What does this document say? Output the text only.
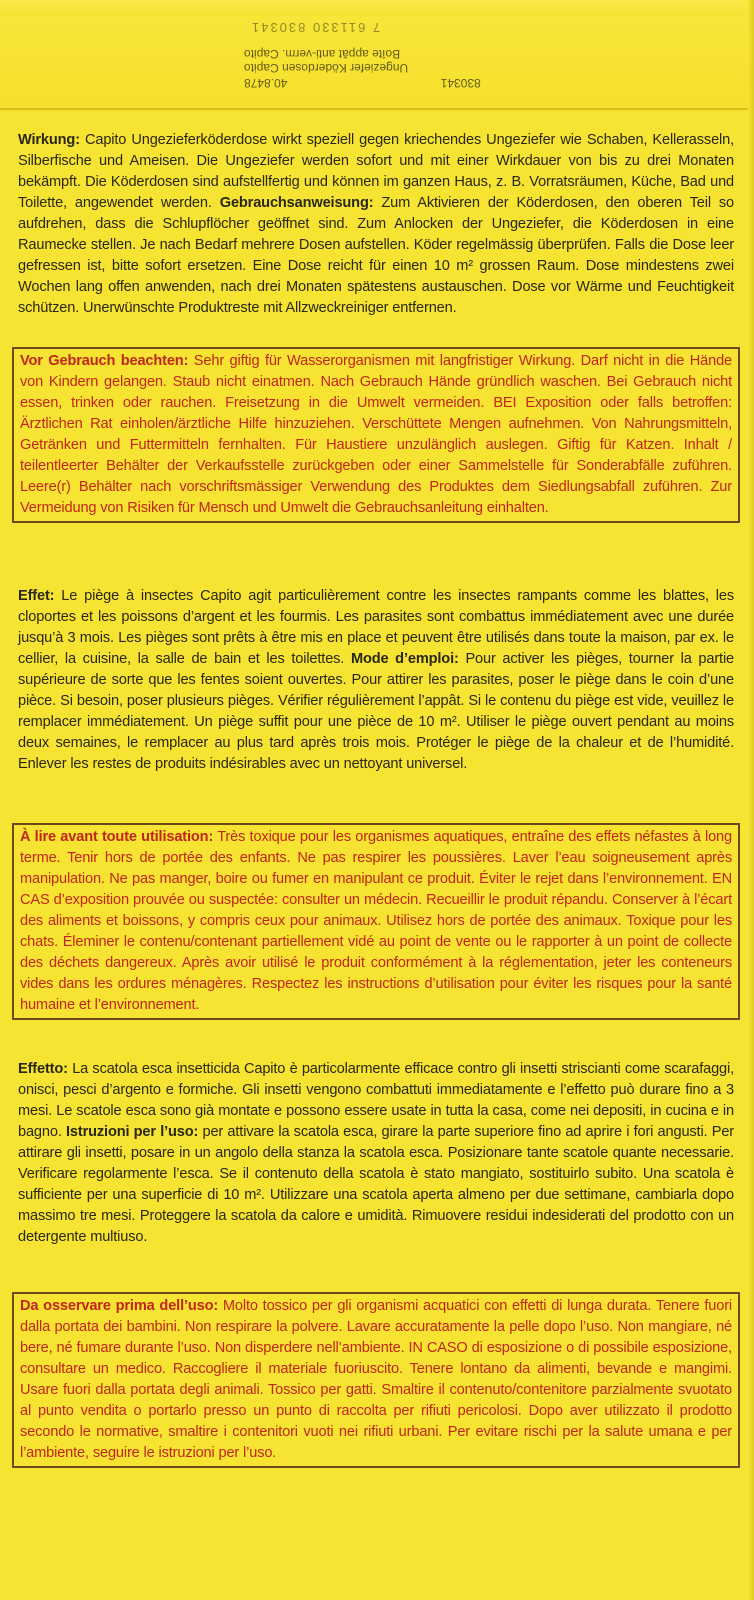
7 611330 830341
Boîte appât anti-verm. Capito
Ungeziefer Köderdosen Capito
830341 40.8478
Wirkung: Capito Ungezieferköderdose wirkt speziell gegen kriechendes Ungeziefer wie Schaben, Kellerasseln, Silberfische und Ameisen. Die Ungeziefer werden sofort und mit einer Wirkdauer von bis zu drei Monaten bekämpft. Die Köderdosen sind aufstellfertig und können im ganzen Haus, z. B. Vorratsräumen, Küche, Bad und Toilette, angewendet werden. Gebrauchsanweisung: Zum Aktivieren der Köderdosen, den oberen Teil so aufdrehen, dass die Schlupflöcher geöffnet sind. Zum Anlocken der Ungeziefer, die Köderdosen in eine Raumecke stellen. Je nach Bedarf mehrere Dosen aufstellen. Köder regelmässig überprüfen. Falls die Dose leer gefressen ist, bitte sofort ersetzen. Eine Dose reicht für einen 10 m² grossen Raum. Dose mindestens zwei Wochen lang offen anwenden, nach drei Monaten spätestens austauschen. Dose vor Wärme und Feuchtigkeit schützen. Unerwünschte Produktreste mit Allzweckreiniger entfernen.
Vor Gebrauch beachten: Sehr giftig für Wasserorganismen mit langfristiger Wirkung. Darf nicht in die Hände von Kindern gelangen. Staub nicht einatmen. Nach Gebrauch Hände gründlich waschen. Bei Gebrauch nicht essen, trinken oder rauchen. Freisetzung in die Umwelt vermeiden. BEI Exposition oder falls betroffen: Ärztlichen Rat einholen/ärztliche Hilfe hinzuziehen. Verschüttete Mengen aufnehmen. Von Nahrungsmitteln, Getränken und Futtermitteln fernhalten. Für Haustiere unzulänglich auslegen. Giftig für Katzen. Inhalt / teilentleerter Behälter der Verkaufsstelle zurückgeben oder einer Sammelstelle für Sonderabfälle zuführen. Leere(r) Behälter nach vorschriftsmässiger Verwendung des Produktes dem Siedlungsabfall zuführen. Zur Vermeidung von Risiken für Mensch und Umwelt die Gebrauchsanleitung einhalten.
Effet: Le piège à insectes Capito agit particulièrement contre les insectes rampants comme les blattes, les cloportes et les poissons d’argent et les fourmis. Les parasites sont combattus immédiatement avec une durée jusqu’à 3 mois. Les pièges sont prêts à être mis en place et peuvent être utilisés dans toute la maison, par ex. le cellier, la cuisine, la salle de bain et les toilettes. Mode d’emploi: Pour activer les pièges, tourner la partie supérieure de sorte que les fentes soient ouvertes. Pour attirer les parasites, poser le piège dans le coin d’une pièce. Si besoin, poser plusieurs pièges. Vérifier régulièrement l’appât. Si le contenu du piège est vide, veuillez le remplacer immédiatement. Un piège suffit pour une pièce de 10 m². Utiliser le piège ouvert pendant au moins deux semaines, le remplacer au plus tard après trois mois. Protéger le piège de la chaleur et de l’humidité. Enlever les restes de produits indésirables avec un nettoyant universel.
À lire avant toute utilisation: Très toxique pour les organismes aquatiques, entraîne des effets néfastes à long terme. Tenir hors de portée des enfants. Ne pas respirer les poussières. Laver l’eau soigneusement après manipulation. Ne pas manger, boire ou fumer en manipulant ce produit. Éviter le rejet dans l’environnement. EN CAS d’exposition prouvée ou suspectée: consulter un médecin. Recueillir le produit répandu. Conserver à l’écart des aliments et boissons, y compris ceux pour animaux. Utilisez hors de portée des animaux. Toxique pour les chats. Éleminer le contenu/contenant partiellement vidé au point de vente ou le rapporter à un point de collecte des déchets dangereux. Après avoir utilisé le produit conformément à la réglementation, jeter les conteneurs vides dans les ordures ménagères. Respectez les instructions d’utilisation pour éviter les risques pour la santé humaine et l’environnement.
Effetto: La scatola esca insetticida Capito è particolarmente efficace contro gli insetti striscianti come scarafaggi, onisci, pesci d’argento e formiche. Gli insetti vengono combattuti immediatamente e l’effetto può durare fino a 3 mesi. Le scatole esca sono già montate e possono essere usate in tutta la casa, come nei depositi, in cucina e in bagno. Istruzioni per l’uso: per attivare la scatola esca, girare la parte superiore fino ad aprire i fori angusti. Per attirare gli insetti, posare in un angolo della stanza la scatola esca. Posizionare tante scatole quante necessarie. Verificare regolarmente l’esca. Se il contenuto della scatola è stato mangiato, sostituirlo subito. Una scatola è sufficiente per una superficie di 10 m². Utilizzare una scatola aperta almeno per due settimane, cambiarla dopo massimo tre mesi. Proteggere la scatola da calore e umidità. Rimuovere residui indesiderati del prodotto con un detergente multiuso.
Da osservare prima dell’uso: Molto tossico per gli organismi acquatici con effetti di lunga durata. Tenere fuori dalla portata dei bambini. Non respirare la polvere. Lavare accuratamente la pelle dopo l’uso. Non mangiare, né bere, né fumare durante l’uso. Non disperdere nell’ambiente. IN CASO di esposizione o di possibile esposizione, consultare un medico. Raccogliere il materiale fuoriuscito. Tenere lontano da alimenti, bevande e mangimi. Usare fuori dalla portata degli animali. Tossico per gatti. Smaltire il contenuto/contenitore parzialmente svuotato al punto vendita o portarlo presso un punto di raccolta per rifiuti pericolosi. Dopo aver utilizzato il prodotto secondo le normative, smaltire i contenitori vuoti nei rifiuti urbani. Per evitare rischi per la salute umana e per l’ambiente, seguire le istruzioni per l’uso.
